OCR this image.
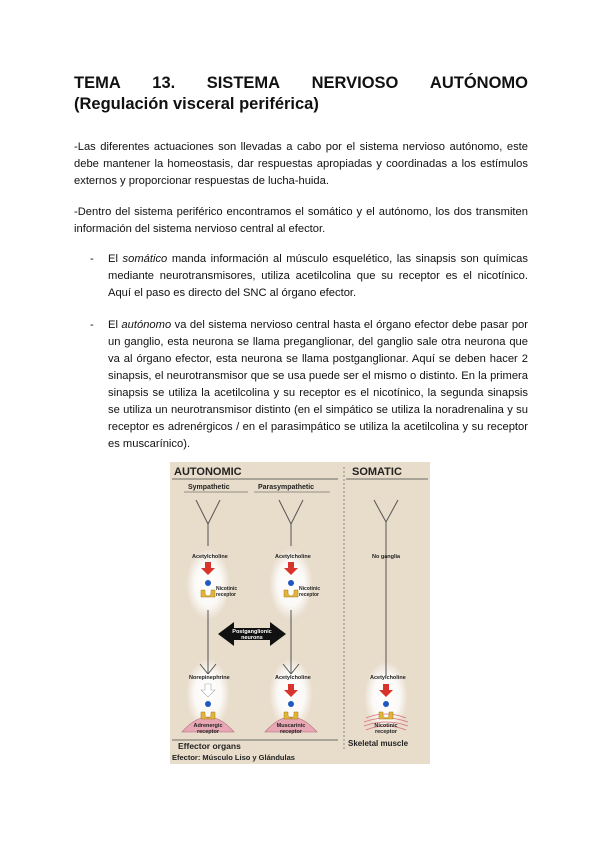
TEMA 13. SISTEMA NERVIOSO AUTÓNOMO
(Regulación visceral periférica)
-Las diferentes actuaciones son llevadas a cabo por el sistema nervioso autónomo, este debe mantener la homeostasis, dar respuestas apropiadas y coordinadas a los estímulos externos y proporcionar respuestas de lucha-huida.
-Dentro del sistema periférico encontramos el somático y el autónomo, los dos transmiten información del sistema nervioso central al efector.
- El somático manda información al músculo esquelético, las sinapsis son químicas mediante neurotransmisores, utiliza acetilcolina que su receptor es el nicotínico. Aquí el paso es directo del SNC al órgano efector.
- El autónomo va del sistema nervioso central hasta el órgano efector debe pasar por un ganglio, esta neurona se llama preganglionar, del ganglio sale otra neurona que va al órgano efector, esta neurona se llama postganglionar. Aquí se deben hacer 2 sinapsis, el neurotransmisor que se usa puede ser el mismo o distinto. En la primera sinapsis se utiliza la acetilcolina y su receptor es el nicotínico, la segunda sinapsis se utiliza un neurotransmisor distinto (en el simpático se utiliza la noradrenalina y su receptor es adrenérgicos / en el parasimpático se utiliza la acetilcolina y su receptor es muscarínico).
AUTONOMIC	SOMATIC
Sympathetic	Parasympathetic
Acetylcholine	Acetylcholine	No ganglia
Nicotinic
receptor
Nicotinic
receptor
Postganglionic
neurons
Norepinephrine	Acetylcholine	Acetylcholine
Adrenergic
receptor
Muscarinic
receptor
Nicotinic
receptor
Effector organs	Skeletal muscle
Efector: Músculo Liso y Glándulas
